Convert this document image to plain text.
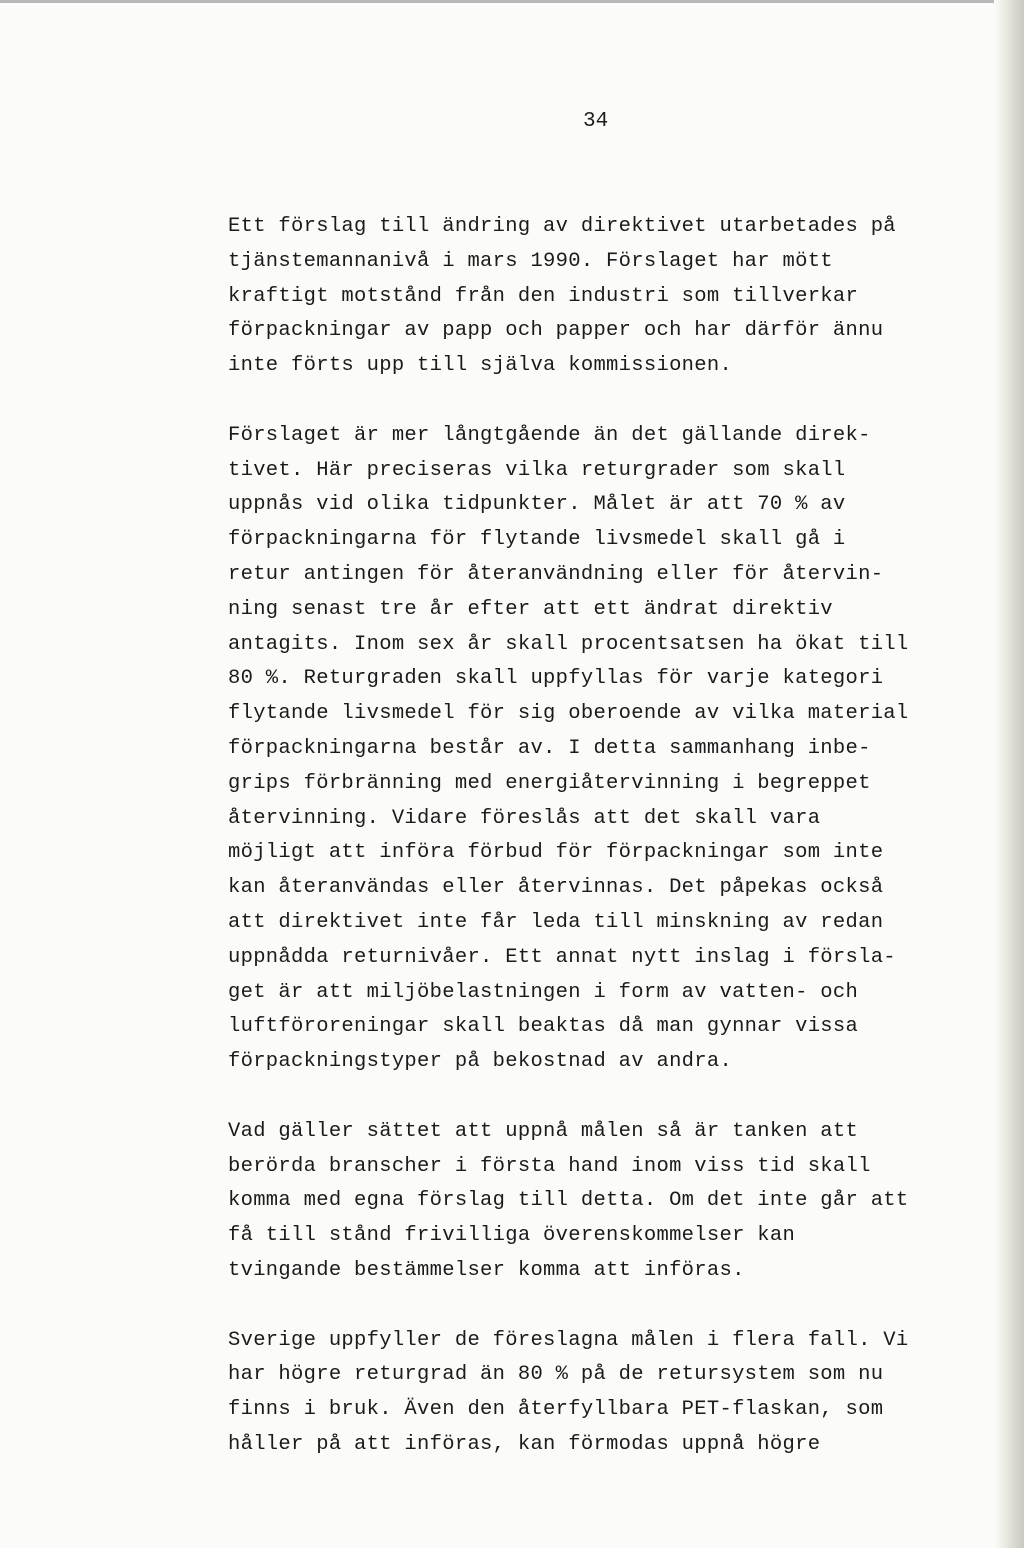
34

Ett förslag till ändring av direktivet utarbetades på
tjänstemannanivå i mars 1990. Förslaget har mött
kraftigt motstånd från den industri som tillverkar
förpackningar av papp och papper och har därför ännu
inte förts upp till själva kommissionen.
Förslaget är mer långtgående än det gällande direk-
tivet. Här preciseras vilka returgrader som skall
uppnås vid olika tidpunkter. Målet är att 70 % av
förpackningarna för flytande livsmedel skall gå i
retur antingen för återanvändning eller för återvin-
ning senast tre år efter att ett ändrat direktiv
antagits. Inom sex år skall procentsatsen ha ökat till
80 %. Returgraden skall uppfyllas för varje kategori
flytande livsmedel för sig oberoende av vilka material
förpackningarna består av. I detta sammanhang inbe-
grips förbränning med energiåtervinning i begreppet
återvinning. Vidare föreslås att det skall vara
möjligt att införa förbud för förpackningar som inte
kan återanvändas eller återvinnas. Det påpekas också
att direktivet inte får leda till minskning av redan
uppnådda returnivåer. Ett annat nytt inslag i försla-
get är att miljöbelastningen i form av vatten- och
luftföroreningar skall beaktas då man gynnar vissa
förpackningstyper på bekostnad av andra.
Vad gäller sättet att uppnå målen så är tanken att
berörda branscher i första hand inom viss tid skall
komma med egna förslag till detta. Om det inte går att
få till stånd frivilliga överenskommelser kan
tvingande bestämmelser komma att införas.
Sverige uppfyller de föreslagna målen i flera fall. Vi
har högre returgrad än 80 % på de retursystem som nu
finns i bruk. Även den återfyllbara PET-flaskan, som
håller på att införas, kan förmodas uppnå högre
